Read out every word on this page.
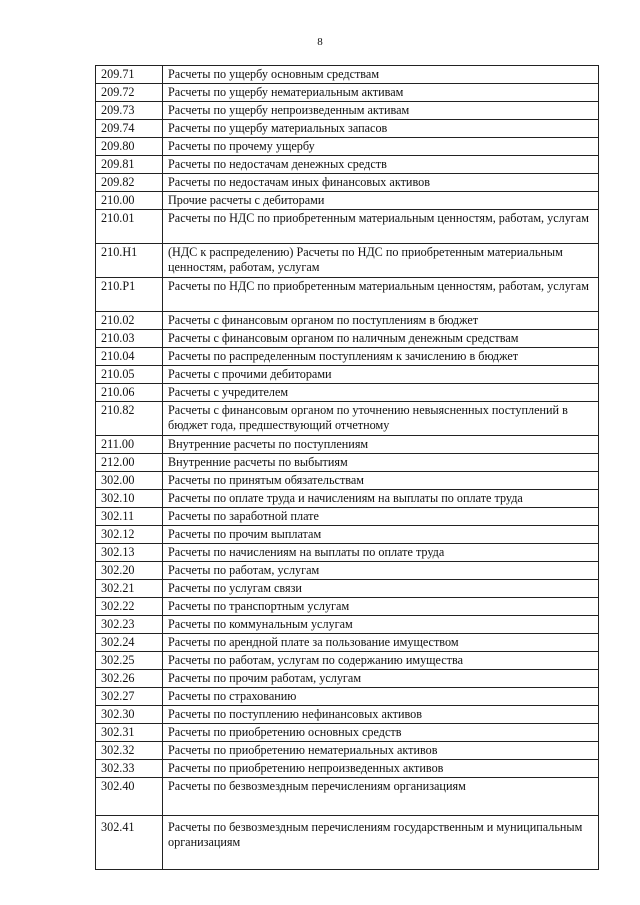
8
209.71	Расчеты по ущербу основным средствам
209.72	Расчеты по ущербу нематериальным активам
209.73	Расчеты по ущербу непроизведенным активам
209.74	Расчеты по ущербу материальных запасов
209.80	Расчеты по прочему ущербу
209.81	Расчеты по недостачам денежных средств
209.82	Расчеты по недостачам иных финансовых активов
210.00	Прочие расчеты с дебиторами
210.01	Расчеты по НДС по приобретенным материальным ценностям, работам, услугам
210.Н1	(НДС к распределению) Расчеты по НДС по приобретенным материальным ценностям, работам, услугам
210.Р1	Расчеты по НДС по приобретенным материальным ценностям, работам, услугам
210.02	Расчеты с финансовым органом по поступлениям в бюджет
210.03	Расчеты с финансовым органом по наличным денежным средствам
210.04	Расчеты по распределенным поступлениям к зачислению в бюджет
210.05	Расчеты с прочими дебиторами
210.06	Расчеты с учредителем
210.82	Расчеты с финансовым органом по уточнению невыясненных поступлений в бюджет года, предшествующий отчетному
211.00	Внутренние расчеты по поступлениям
212.00	Внутренние расчеты по выбытиям
302.00	Расчеты по принятым обязательствам
302.10	Расчеты по оплате труда и начислениям на выплаты по оплате труда
302.11	Расчеты по заработной плате
302.12	Расчеты по прочим выплатам
302.13	Расчеты по начислениям на выплаты по оплате труда
302.20	Расчеты по работам, услугам
302.21	Расчеты по услугам связи
302.22	Расчеты по транспортным услугам
302.23	Расчеты по коммунальным услугам
302.24	Расчеты по арендной плате за пользование имуществом
302.25	Расчеты по работам, услугам по содержанию имущества
302.26	Расчеты по прочим работам, услугам
302.27	Расчеты по страхованию
302.30	Расчеты по поступлению нефинансовых активов
302.31	Расчеты по приобретению основных средств
302.32	Расчеты по приобретению нематериальных активов
302.33	Расчеты по приобретению непроизведенных активов
302.40	Расчеты по безвозмездным перечислениям организациям
302.41	Расчеты по безвозмездным перечислениям государственным и муниципальным организациям
